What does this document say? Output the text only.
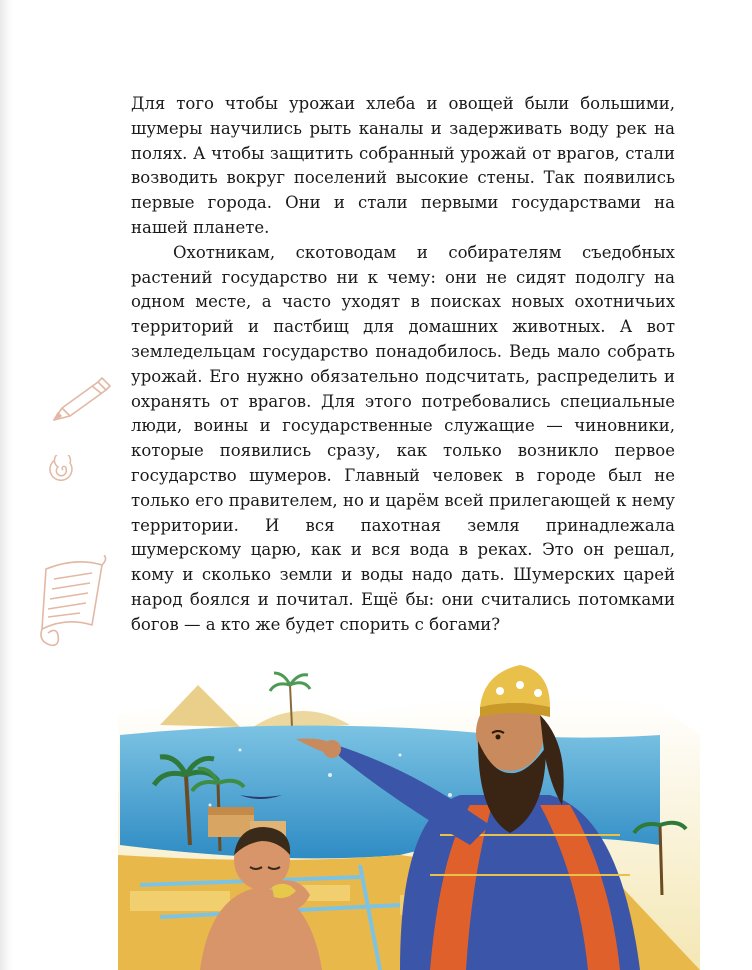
Для того чтобы урожаи хлеба и овощей были большими, шумеры научились рыть каналы и задерживать воду рек на полях. А чтобы защитить собранный урожай от врагов, стали возводить вокруг поселений высокие стены. Так появились первые города. Они и стали первыми государствами на нашей планете.

Охотникам, скотоводам и собирателям съедобных растений государство ни к чему: они не сидят подолгу на одном месте, а часто уходят в поисках новых охотничьих территорий и пастбищ для домашних животных. А вот земледельцам государство понадобилось. Ведь мало собрать урожай. Его нужно обязательно подсчитать, распределить и охранять от врагов. Для этого потребовались специальные люди, воины и государственные служащие — чиновники, которые появились сразу, как только возникло первое государство шумеров. Главный человек в городе был не только его правителем, но и царём всей прилегающей к нему территории. И вся пахотная земля принадлежала шумерскому царю, как и вся вода в реках. Это он решал, кому и сколько земли и воды надо дать. Шумерских царей народ боялся и почитал. Ещё бы: они считались потомками богов — а кто же будет спорить с богами?
